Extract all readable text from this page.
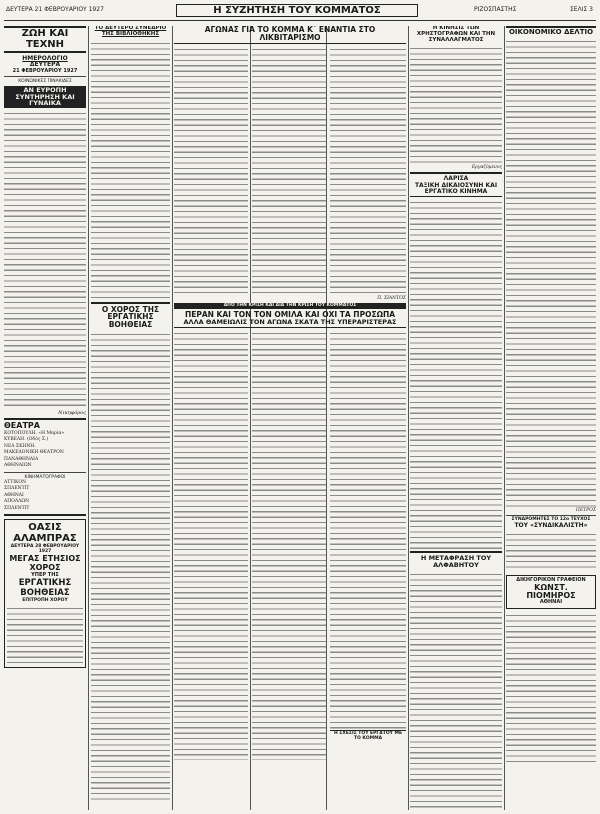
ΔΕΥΤΕΡΑ 21 ΦΕΒΡΟΥΑΡΙΟΥ 1927	Η ΣΥΖΗΤΗΣΗ ΤΟΥ ΚΟΜΜΑΤΟΣ	ΡΙΖΟΣΠΑΣΤΗΣ	ΣΕΛΙΣ 3
ΖΩΗ ΚΑΙ ΤΕΧΝΗ
ΗΜΕΡΟΛΟΓΙΟ
ΔΕΥΤΕΡΑ
21 ΦΕΒΡΟΥΑΡΙΟΥ 1927
ΚΟΙΝΩΝΙΚΕΣ ΠΙΝΑΚΙΔΕΣ
ΑΝ ΕΥΡΟΠΗ ΣΥΝΤΗΡΗΣΗ ΚΑΙ ΓΥΝΑΙΚΑ
Νικηφόρος
ΘΕΑΤΡΑ
ΚΟΤΟΠΟΥΛΗ. «Η Μαρία»
ΚΥΒΕΛΗ. (Οδός Σ.)
ΝΕΑ ΣΚΗΝΗ.
ΜΑΚΕΔΟΝΙΚΗ ΘΕΑΤΡΟΝ
ΠΑΝΑΘΗΝΑΙΑ
ΑΘΗΝΑΙΩΝ
ΚΙΝΗΜΑΤΟΓΡΑΦΟΙ
ΑΤΤΙΚΟΝ
ΣΠΛΕΝΤΙΤ
ΑΘΗΝΑΙ
ΑΠΟΛΛΩΝ
ΣΠΛΕΝΤΙΤ
ΟΑΣΙΣ ΑΛΑΜΠΡΑΣ
ΔΕΥΤΕΡΑ 28 ΦΕΒΡΟΥΑΡΙΟΥ 1927
ΜΕΓΑΣ ΕΤΗΣΙΟΣ ΧΟΡΟΣ
ΥΠΕΡ ΤΗΣ
ΕΡΓΑΤΙΚΗΣ ΒΟΗΘΕΙΑΣ
ΕΠΙΤΡΟΠΗ ΧΟΡΟΥ
ΤΟ ΔΕΥΤΕΡΟ ΣΥΝΕΔΡΙΟ ΤΗΣ ΒΙΒΛΙΟΘΗΚΗΣ
Ο ΧΟΡΟΣ ΤΗΣ ΕΡΓΑΤΙΚΗΣ ΒΟΗΘΕΙΑΣ
ΑΓΩΝΑΣ ΓΙΑ ΤΟ ΚΟΜΜΑ Κ΄ ΕΝΑΝΤΙΑ ΣΤΟ ΛΙΚΒΙΤΑΡΙΣΜΟ
Π. ΣΙΑΝΤΟΣ
ΑΠΟ ΤΗΝ ΚΡΙΣΗ ΚΑΙ ΔΙΑ ΤΗΝ ΚΡΙΣΗ ΤΟΥ ΚΟΜΜΑΤΟΣ
ΠΕΡΑΝ ΚΑΙ ΤΟΝ ΤΟΝ ΟΜΙΛΑ ΚΑΙ ΟΧΙ ΤΑ ΠΡΟΣΩΠΑ
ΑΛΛΑ ΘΑΜΕΙΩΛΙΣ ΤΟΝ ΑΓΩΝΑ ΣΚΑΤΑ ΤΗΣ ΥΠΕΡΑΡΙΣΤΕΡΑΣ
Η ΣΧΕΣΙΣ ΤΟΥ ΕΡΓΑΤΟΥ ΜΕ ΤΟ ΚΟΜΜΑ
Η ΚΙΝΗΣΙΣ ΤΩΝ ΧΡΗΣΤΟΓΡΑΦΩΝ ΚΑΙ ΤΗΝ ΣΥΝΑΛΛΑΓΜΑΤΟΣ
Εργαζόμενος
ΛΑΡΙΣΑ
ΤΑΞΙΚΗ ΔΙΚΑΙΟΣΥΝΗ ΚΑΙ ΕΡΓΑΤΙΚΟ ΚΙΝΗΜΑ
Η ΜΕΤΑΦΡΑΣΗ ΤΟΥ ΑΛΦΑΒΗΤΟΥ
ΟΙΚΟΝΟΜΙΚΟ ΔΕΛΤΙΟ
ΠΕΤΡΟΣ
ΣΥΝΔΡΟΜΗΤΕΣ ΤΟ 12ο ΤΕΥΧΟΣ
ΤΟΥ «ΣΥΝΔΙΚΑΛΙΣΤΗ»
ΔΙΚΗΓΟΡΙΚΟΝ ΓΡΑΦΕΙΟΝ
ΚΩΝΣΤ. ΠΙΟΜΗΡΟΣ
ΑΘΗΝΑΙ
